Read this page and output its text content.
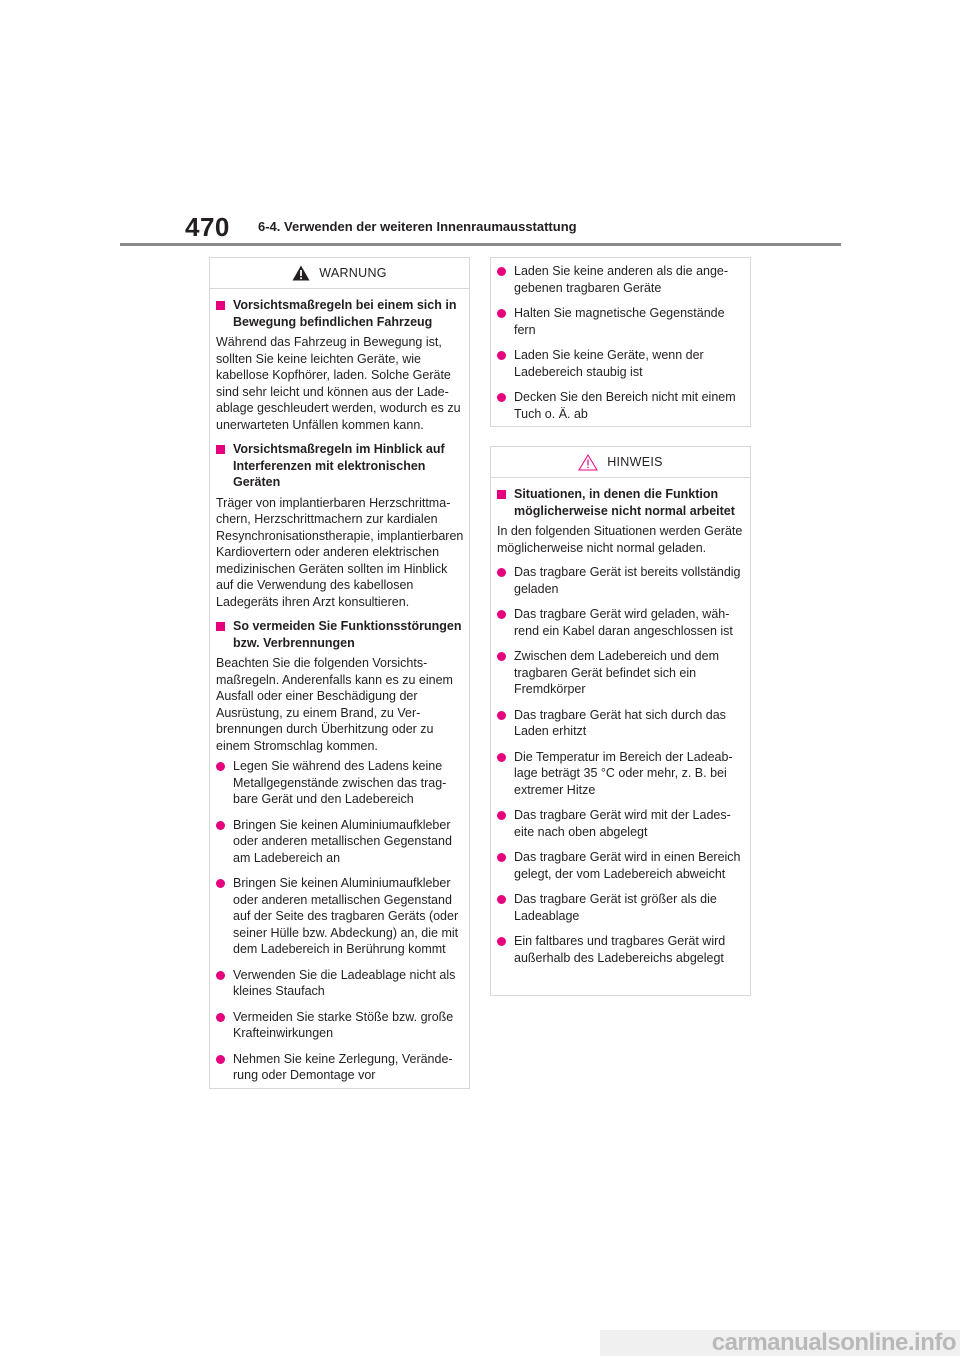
470 6-4. Verwenden der weiteren Innenraumausstattung
WARNUNG
Vorsichtsmaßregeln bei einem sich in Bewegung befindlichen Fahrzeug
Während das Fahrzeug in Bewegung ist, sollten Sie keine leichten Geräte, wie kabellose Kopfhörer, laden. Solche Geräte sind sehr leicht und können aus der Ladeablage geschleudert werden, wodurch es zu unerwarteten Unfällen kommen kann.
Vorsichtsmaßregeln im Hinblick auf Interferenzen mit elektronischen Geräten
Träger von implantierbaren Herzschrittmachern, Herzschrittmachern zur kardialen Resynchronisationstherapie, implantierbaren Kardiovertern oder anderen elektrischen medizinischen Geräten sollten im Hinblick auf die Verwendung des kabellosen Ladegeräts ihren Arzt konsultieren.
So vermeiden Sie Funktionsstörungen bzw. Verbrennungen
Beachten Sie die folgenden Vorsichtsmaßregeln. Anderenfalls kann es zu einem Ausfall oder einer Beschädigung der Ausrüstung, zu einem Brand, zu Verbrennungen durch Überhitzung oder zu einem Stromschlag kommen.
Legen Sie während des Ladens keine Metallgegenstände zwischen das tragbare Gerät und den Ladebereich
Bringen Sie keinen Aluminiumaufkleber oder anderen metallischen Gegenstand am Ladebereich an
Bringen Sie keinen Aluminiumaufkleber oder anderen metallischen Gegenstand auf der Seite des tragbaren Geräts (oder seiner Hülle bzw. Abdeckung) an, die mit dem Ladebereich in Berührung kommt
Verwenden Sie die Ladeablage nicht als kleines Staufach
Vermeiden Sie starke Stöße bzw. große Krafteinwirkungen
Nehmen Sie keine Zerlegung, Veränderung oder Demontage vor
Laden Sie keine anderen als die angegebenen tragbaren Geräte
Halten Sie magnetische Gegenstände fern
Laden Sie keine Geräte, wenn der Ladebereich staubig ist
Decken Sie den Bereich nicht mit einem Tuch o. Ä. ab
HINWEIS
Situationen, in denen die Funktion möglicherweise nicht normal arbeitet
In den folgenden Situationen werden Geräte möglicherweise nicht normal geladen.
Das tragbare Gerät ist bereits vollständig geladen
Das tragbare Gerät wird geladen, während ein Kabel daran angeschlossen ist
Zwischen dem Ladebereich und dem tragbaren Gerät befindet sich ein Fremdkörper
Das tragbare Gerät hat sich durch das Laden erhitzt
Die Temperatur im Bereich der Ladeablage beträgt 35 °C oder mehr, z. B. bei extremer Hitze
Das tragbare Gerät wird mit der Ladeseite nach oben abgelegt
Das tragbare Gerät wird in einen Bereich gelegt, der vom Ladebereich abweicht
Das tragbare Gerät ist größer als die Ladeablage
Ein faltbares und tragbares Gerät wird außerhalb des Ladebereichs abgelegt
carmanualsonline.info
